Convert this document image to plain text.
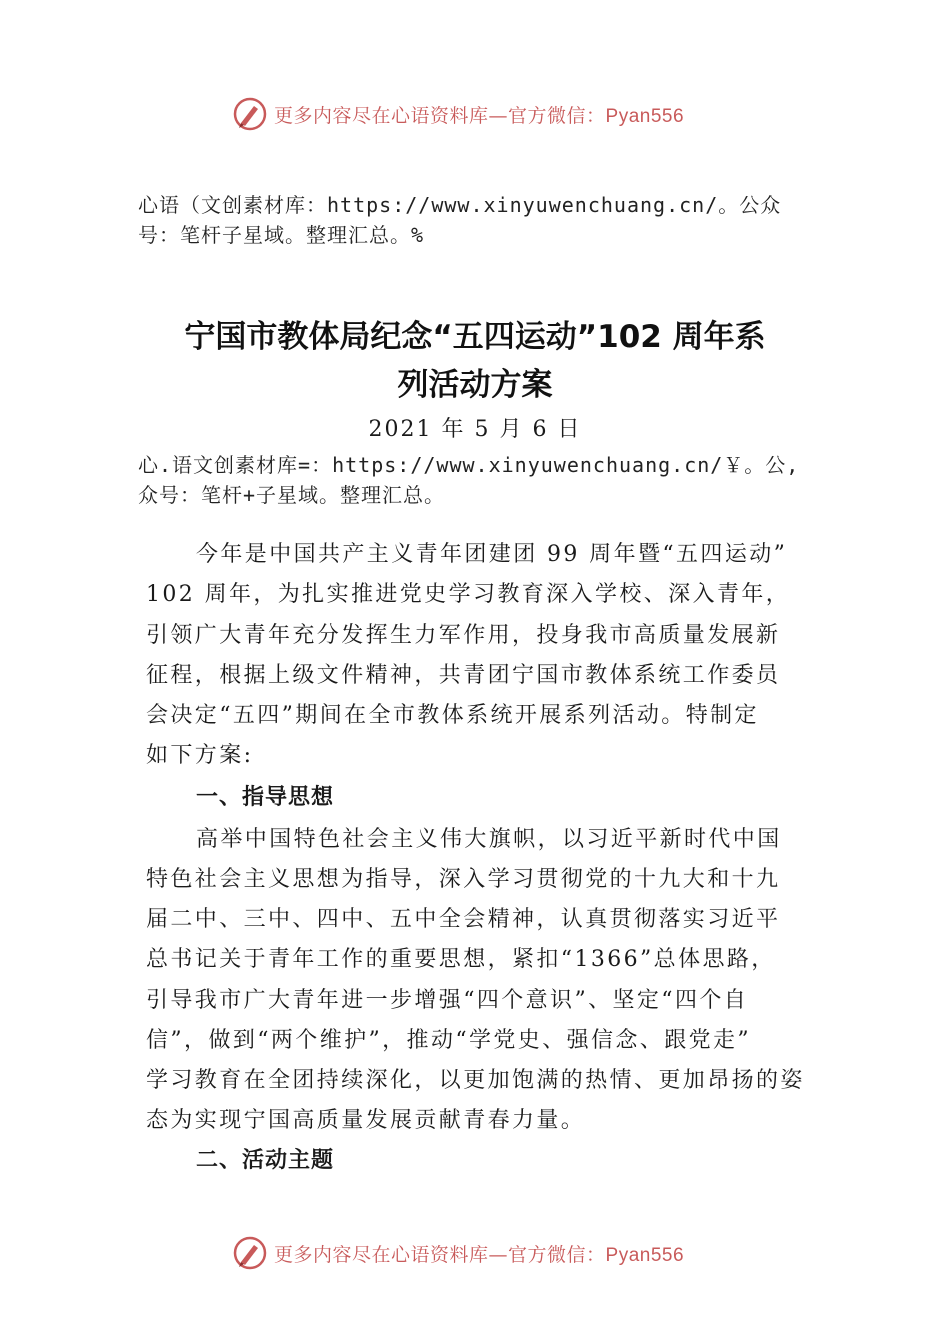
更多内容尽在心语资料库—官方微信：Pyan556
心语（文创素材库：https://www.xinyuwenchuang.cn/。公众
号：笔杆子星域。整理汇总。%
宁国市教体局纪念“五四运动”102 周年系
列活动方案
2021 年 5 月 6 日
心.语文创素材库=：https://www.xinyuwenchuang.cn/￥。公,
众号：笔杆+子星域。整理汇总。
今年是中国共产主义青年团建团 99 周年暨“五四运动”
102 周年，为扎实推进党史学习教育深入学校、深入青年，
引领广大青年充分发挥生力军作用，投身我市高质量发展新
征程，根据上级文件精神，共青团宁国市教体系统工作委员
会决定“五四”期间在全市教体系统开展系列活动。特制定
如下方案:
一、指导思想
高举中国特色社会主义伟大旗帜，以习近平新时代中国
特色社会主义思想为指导，深入学习贯彻党的十九大和十九
届二中、三中、四中、五中全会精神，认真贯彻落实习近平
总书记关于青年工作的重要思想，紧扣“1366”总体思路，
引导我市广大青年进一步增强“四个意识”、坚定“四个自
信”，做到“两个维护”，推动“学党史、强信念、跟党走”
学习教育在全团持续深化，以更加饱满的热情、更加昂扬的姿
态为实现宁国高质量发展贡献青春力量。
二、活动主题
更多内容尽在心语资料库—官方微信：Pyan556
